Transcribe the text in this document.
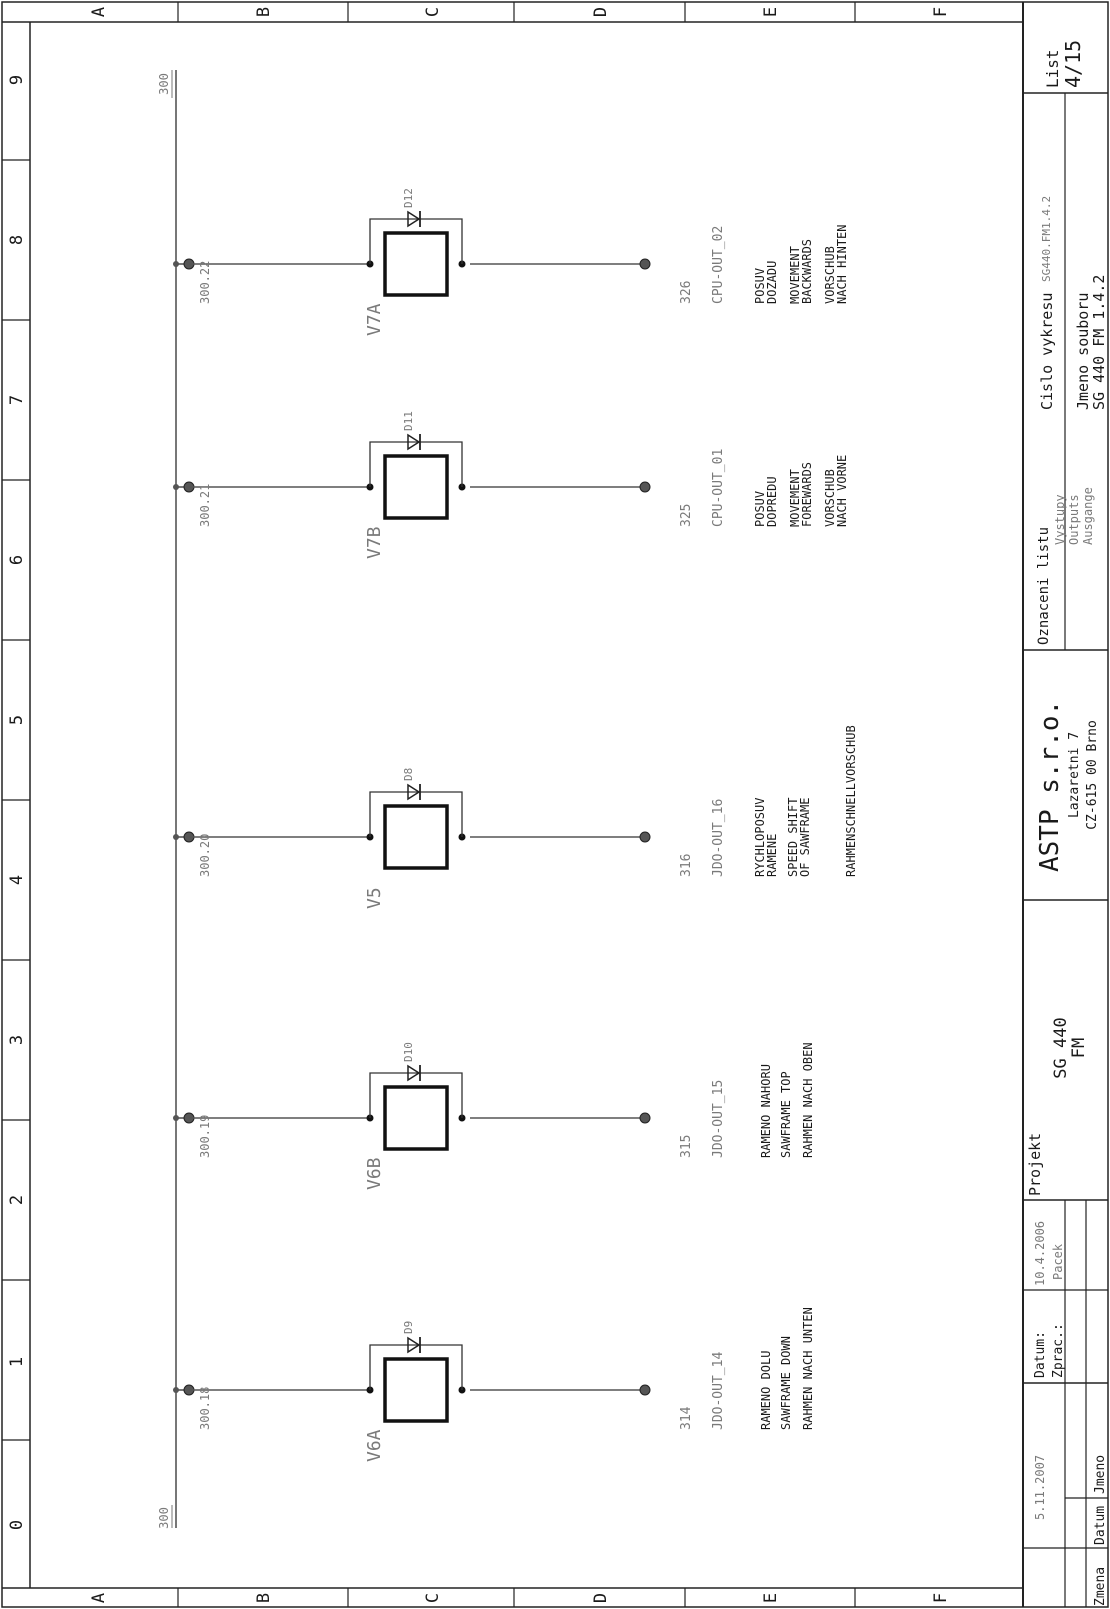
A	B	C	D	E	F
A	B	C	D	E	F
0
1
2
3
4
5
6
7
8
9	300
300
300.18
D9
V6A
314 JDO-OUT_14	RAMENO DOLU SAWFRAME DOWN RAHMEN NACH UNTEN
300.19
D10
V6B
315 JDO-OUT_15	RAMENO NAHORU SAWFRAME TOP RAHMEN NACH OBEN
300.20
D8
V5
316 JDO-OUT_16 RYCHLOPOSUV
RAMENE SPEED SHIFT
OF SAWFRAME	RAHMENSCHNELLVORSCHUB
300.21
D11
V7B
325 CPU-OUT_01 POSUV
DOPREDU MOVEMENT
FOREWARDS VORSCHUB
NACH VORNE
300.22
D12
V7A
326 CPU-OUT_02 POSUV
DOZADU MOVEMENT
BACKWARDS VORSCHUB
NACH HINTEN
List 4/15
Cislo vykresu
SG440.FM1.4.2
Jmeno souboru
SG 440 FM 1.4.2
Oznaceni listu
Vystupy Outputs Ausgange
ASTP s.r.o. Lazaretni 7 CZ-615 00 Brno
Projekt
SG 440
FM
Datum:
10.4.2006
Zprac.:
Pacek
5.11.2007
Zmena
Datum
Jmeno
